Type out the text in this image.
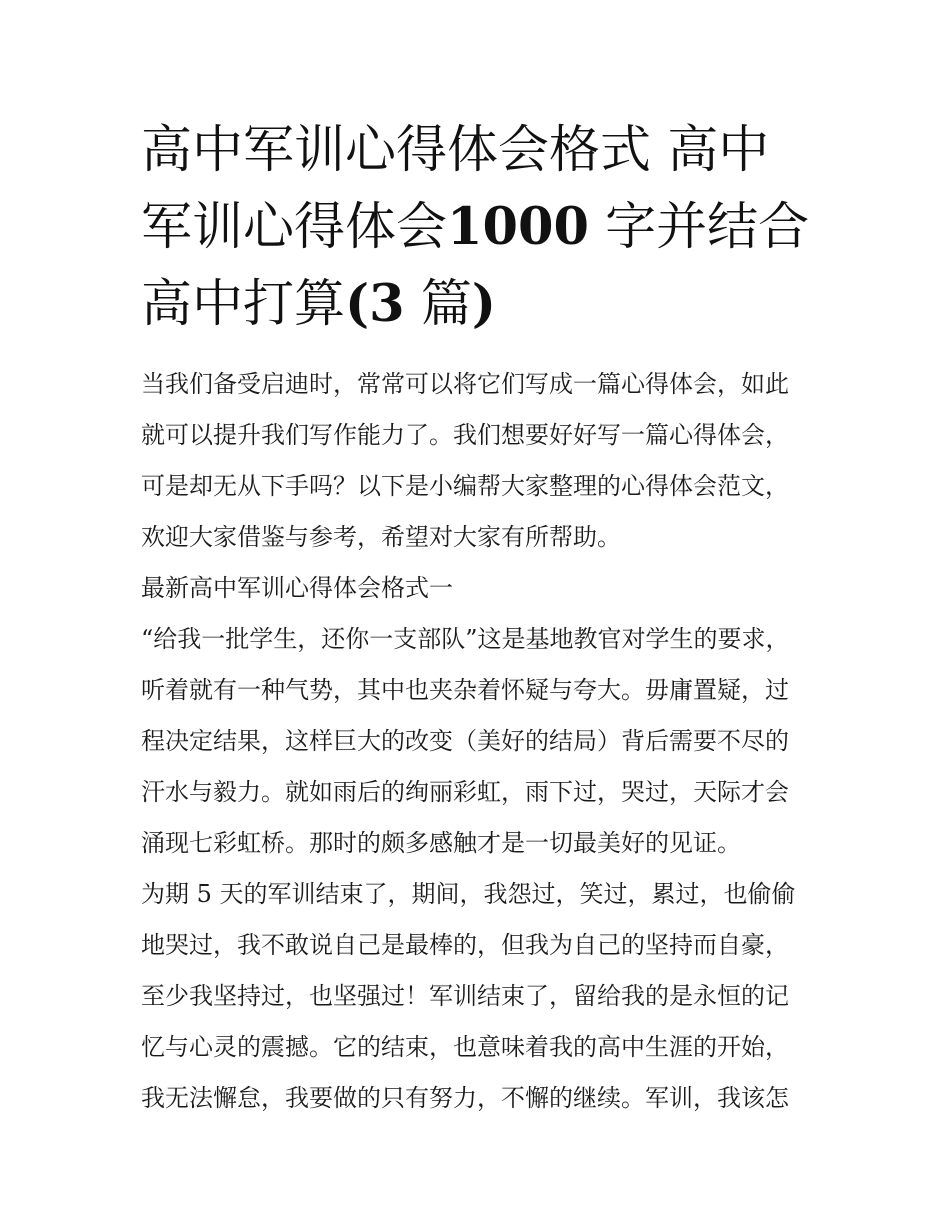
高中军训心得体会格式 高中军训心得体会1000 字并结合高中打算(3 篇)

当我们备受启迪时，常常可以将它们写成一篇心得体会，如此
就可以提升我们写作能力了。我们想要好好写一篇心得体会，
可是却无从下手吗？以下是小编帮大家整理的心得体会范文，
欢迎大家借鉴与参考，希望对大家有所帮助。

最新高中军训心得体会格式一

“给我一批学生，还你一支部队”这是基地教官对学生的要求，
听着就有一种气势，其中也夹杂着怀疑与夸大。毋庸置疑，过
程决定结果，这样巨大的改变（美好的结局）背后需要不尽的
汗水与毅力。就如雨后的绚丽彩虹，雨下过，哭过，天际才会
涌现七彩虹桥。那时的颇多感触才是一切最美好的见证。

为期 5 天的军训结束了，期间，我怨过，笑过，累过，也偷偷
地哭过，我不敢说自己是最棒的，但我为自己的坚持而自豪，
至少我坚持过，也坚强过！军训结束了，留给我的是永恒的记
忆与心灵的震撼。它的结束，也意味着我的高中生涯的开始，
我无法懈怠，我要做的只有努力，不懈的继续。军训，我该怎
